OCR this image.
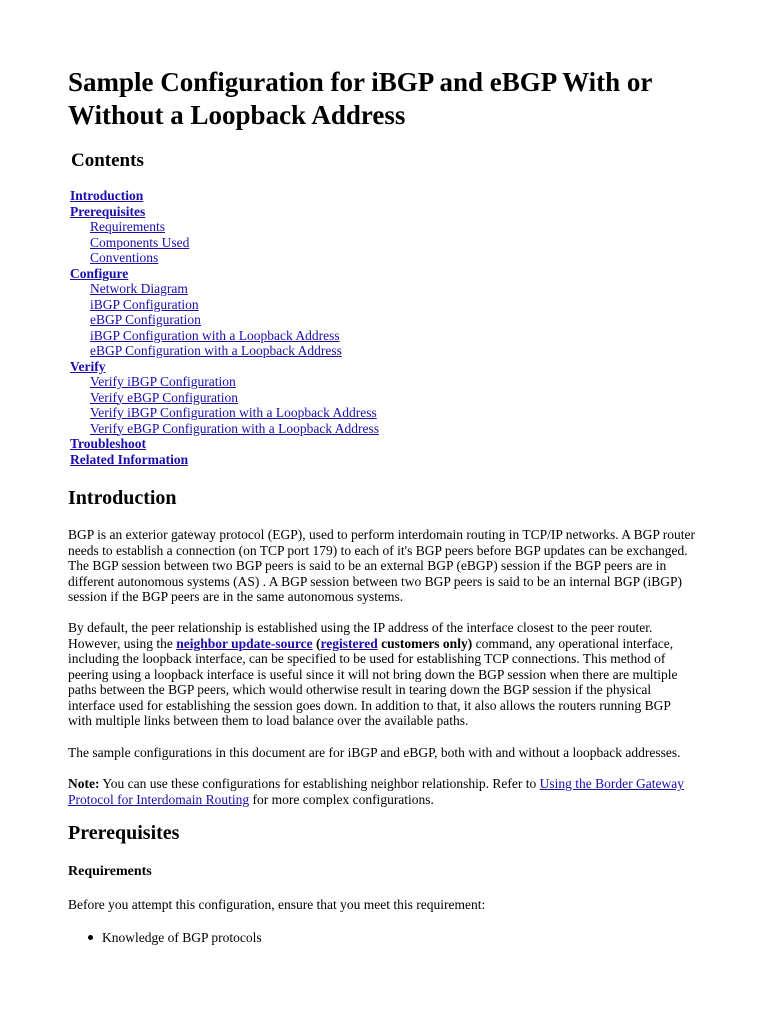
Sample Configuration for iBGP and eBGP With or Without a Loopback Address
Contents
Introduction
Prerequisites
Requirements
Components Used
Conventions
Configure
Network Diagram
iBGP Configuration
eBGP Configuration
iBGP Configuration with a Loopback Address
eBGP Configuration with a Loopback Address
Verify
Verify iBGP Configuration
Verify eBGP Configuration
Verify iBGP Configuration with a Loopback Address
Verify eBGP Configuration with a Loopback Address
Troubleshoot
Related Information
Introduction

BGP is an exterior gateway protocol (EGP), used to perform interdomain routing in TCP/IP networks. A BGP router needs to establish a connection (on TCP port 179) to each of it's BGP peers before BGP updates can be exchanged. The BGP session between two BGP peers is said to be an external BGP (eBGP) session if the BGP peers are in different autonomous systems (AS) . A BGP session between two BGP peers is said to be an internal BGP (iBGP) session if the BGP peers are in the same autonomous systems.

By default, the peer relationship is established using the IP address of the interface closest to the peer router. However, using the neighbor update-source (registered customers only) command, any operational interface, including the loopback interface, can be specified to be used for establishing TCP connections. This method of peering using a loopback interface is useful since it will not bring down the BGP session when there are multiple paths between the BGP peers, which would otherwise result in tearing down the BGP session if the physical interface used for establishing the session goes down. In addition to that, it also allows the routers running BGP with multiple links between them to load balance over the available paths.

The sample configurations in this document are for iBGP and eBGP, both with and without a loopback addresses.

Note: You can use these configurations for establishing neighbor relationship. Refer to Using the Border Gateway Protocol for Interdomain Routing for more complex configurations.

Prerequisites
Requirements

Before you attempt this configuration, ensure that you meet this requirement:

Knowledge of BGP protocols
